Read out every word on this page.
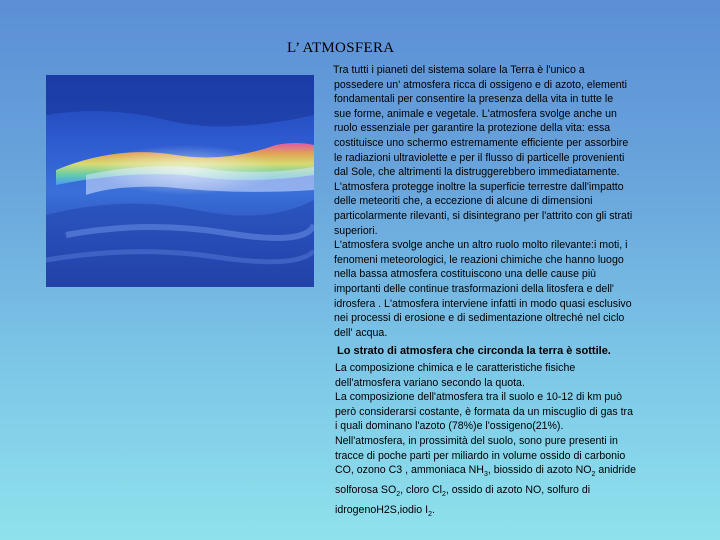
L’ ATMOSFERA
Tra tutti i pianeti del sistema solare la Terra è l'unico a
possedere un' atmosfera ricca di ossigeno e di azoto, elementi
fondamentali per consentire la presenza della vita in tutte le
sue forme, animale e vegetale. L'atmosfera svolge anche un
ruolo essenziale per garantire la protezione della vita: essa
costituisce uno schermo estremamente efficiente per assorbire
le radiazioni ultraviolette e per il flusso di particelle provenienti
dal Sole, che altrimenti la distruggerebbero immediatamente.
L'atmosfera protegge inoltre la superficie terrestre dall'impatto
delle meteoriti che, a eccezione di alcune di dimensioni
particolarmente rilevanti, si disintegrano per l'attrito con gli strati
superiori.
L'atmosfera svolge anche un altro ruolo molto rilevante:i moti, i
fenomeni meteorologici, le reazioni chimiche che hanno luogo
nella bassa atmosfera costituiscono una delle cause più
importanti delle continue trasformazioni della litosfera e dell'
idrosfera . L'atmosfera interviene infatti in modo quasi esclusivo
nei processi di erosione e di sedimentazione oltreché nel ciclo
dell' acqua.
Lo strato di atmosfera che circonda la terra è sottile.
La composizione chimica e le caratteristiche fisiche
dell'atmosfera variano secondo la quota.
La composizione dell'atmosfera tra il suolo e 10-12 di km può
però considerarsi costante, è formata da un miscuglio di gas tra
i quali dominano l'azoto (78%)e l'ossigeno(21%).
Nell'atmosfera, in prossimità del suolo, sono pure presenti in
tracce di poche parti per miliardo in volume ossido di carbonio
CO, ozono C3 , ammoniaca $NH_3$, biossido di azoto $NO_2$ anidride
solforosa $SO_2$, cloro $Cl_2$, ossido di azoto NO, solfuro di
idrogenoH2S,iodio $I_2$.
